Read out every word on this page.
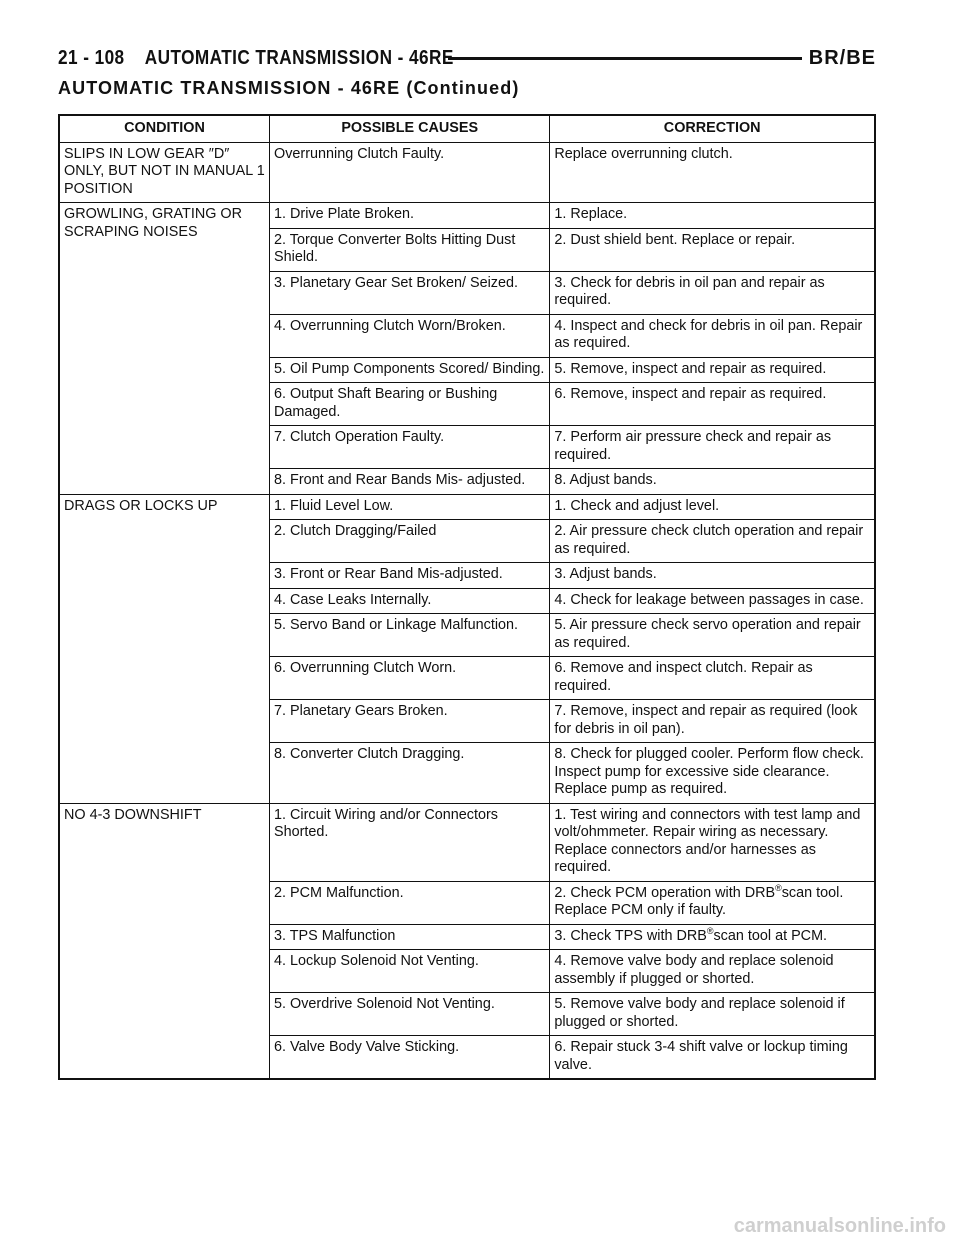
21 - 108    AUTOMATIC TRANSMISSION - 46RE	BR/BE
AUTOMATIC TRANSMISSION - 46RE (Continued)
CONDITION	POSSIBLE CAUSES	CORRECTION
SLIPS IN LOW GEAR ″D″ ONLY, BUT NOT IN MANUAL 1 POSITION	Overrunning Clutch Faulty.	Replace overrunning clutch.
GROWLING, GRATING OR SCRAPING NOISES	1. Drive Plate Broken.	1. Replace.
	2. Torque Converter Bolts Hitting Dust Shield.	2. Dust shield bent. Replace or repair.
	3. Planetary Gear Set Broken/ Seized.	3. Check for debris in oil pan and repair as required.
	4. Overrunning Clutch Worn/Broken.	4. Inspect and check for debris in oil pan. Repair as required.
	5. Oil Pump Components Scored/ Binding.	5. Remove, inspect and repair as required.
	6. Output Shaft Bearing or Bushing Damaged.	6. Remove, inspect and repair as required.
	7. Clutch Operation Faulty.	7. Perform air pressure check and repair as required.
	8. Front and Rear Bands Mis- adjusted.	8. Adjust bands.
DRAGS OR LOCKS UP	1. Fluid Level Low.	1. Check and adjust level.
	2. Clutch Dragging/Failed	2. Air pressure check clutch operation and repair as required.
	3. Front or Rear Band Mis-adjusted.	3. Adjust bands.
	4. Case Leaks Internally.	4. Check for leakage between passages in case.
	5. Servo Band or Linkage Malfunction.	5. Air pressure check servo operation and repair as required.
	6. Overrunning Clutch Worn.	6. Remove and inspect clutch. Repair as required.
	7. Planetary Gears Broken.	7. Remove, inspect and repair as required (look for debris in oil pan).
	8. Converter Clutch Dragging.	8. Check for plugged cooler. Perform flow check. Inspect pump for excessive side clearance. Replace pump as required.
NO 4-3 DOWNSHIFT	1. Circuit Wiring and/or Connectors Shorted.	1. Test wiring and connectors with test lamp and volt/ohmmeter. Repair wiring as necessary. Replace connectors and/or harnesses as required.
	2. PCM Malfunction.	2. Check PCM operation with DRB®scan tool. Replace PCM only if faulty.
	3. TPS Malfunction	3. Check TPS with DRB®scan tool at PCM.
	4. Lockup Solenoid Not Venting.	4. Remove valve body and replace solenoid assembly if plugged or shorted.
	5. Overdrive Solenoid Not Venting.	5. Remove valve body and replace solenoid if plugged or shorted.
	6. Valve Body Valve Sticking.	6. Repair stuck 3-4 shift valve or lockup timing valve.
carmanualsonline.info
